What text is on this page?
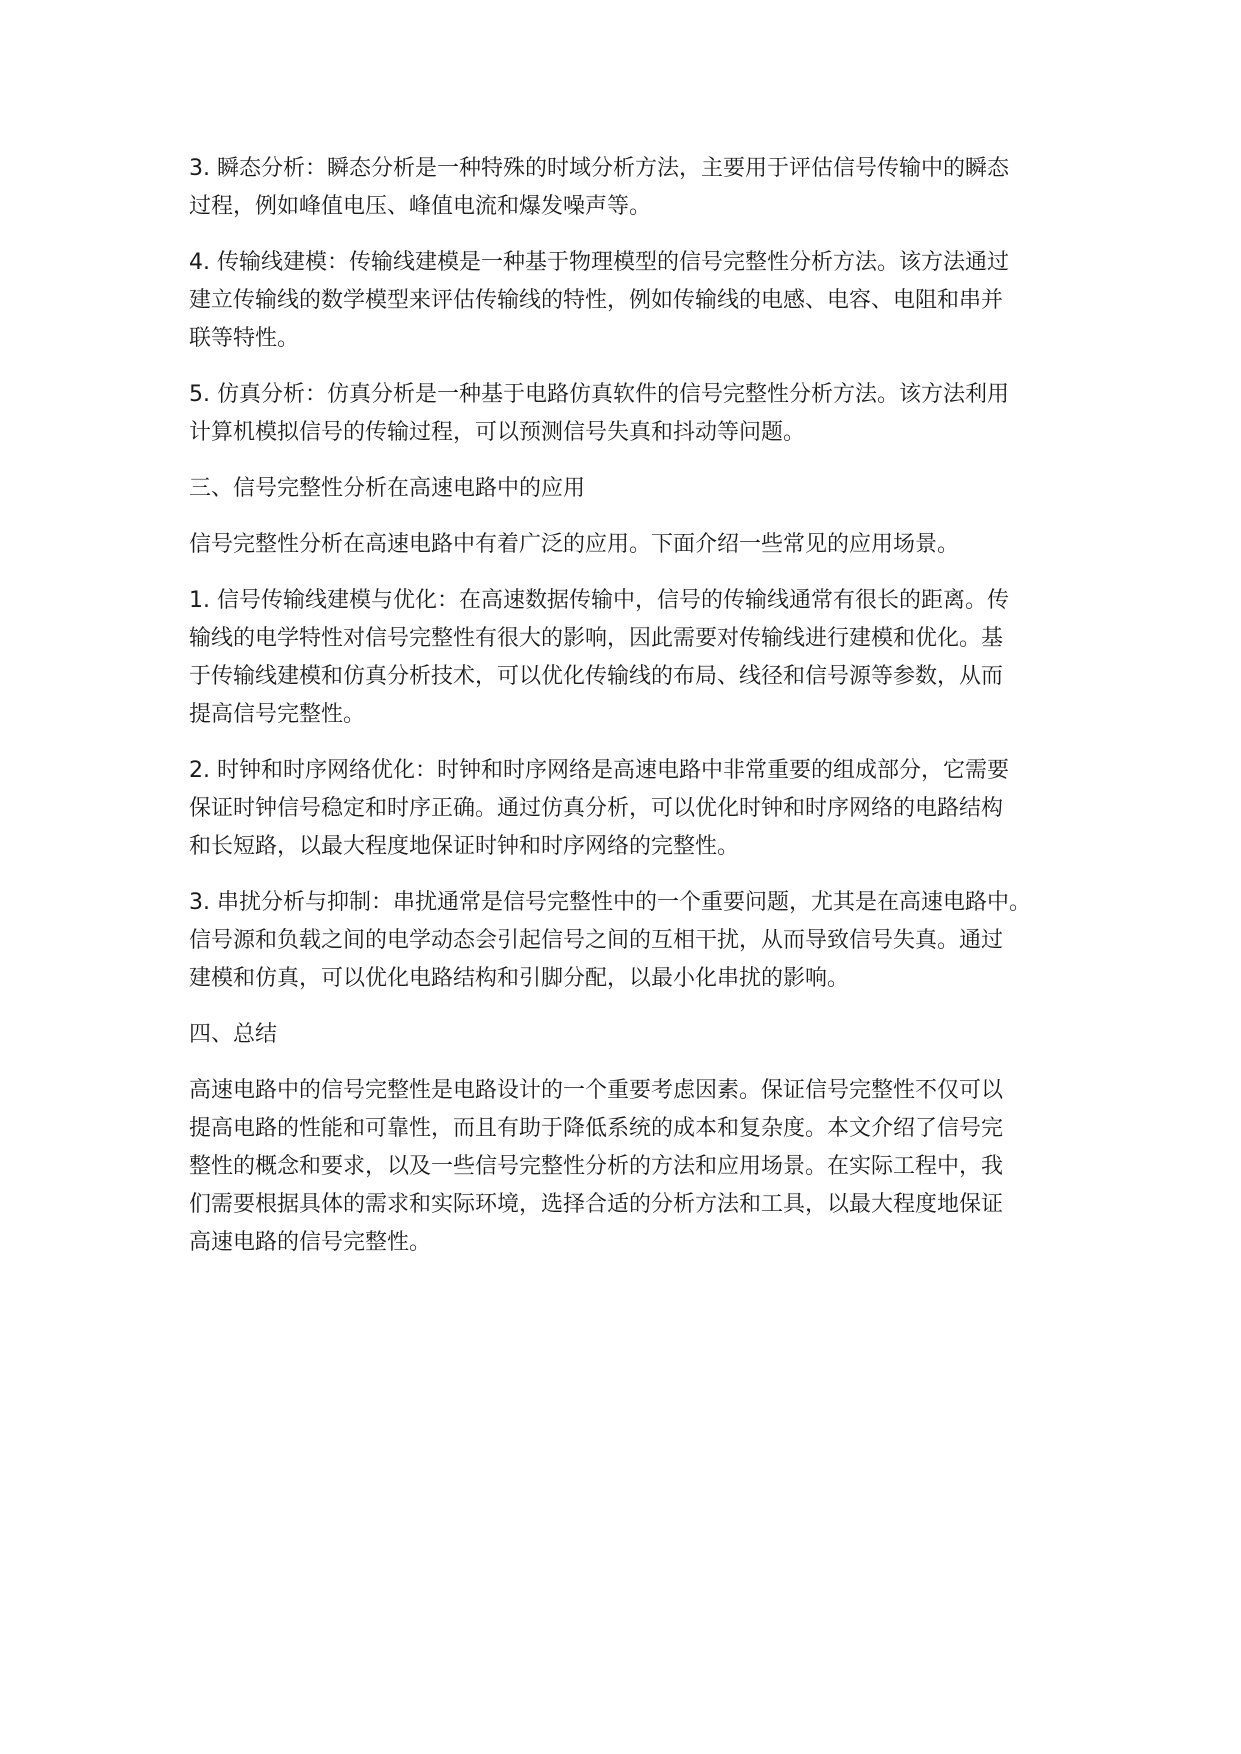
3. 瞬态分析：瞬态分析是一种特殊的时域分析方法，主要用于评估信号传输中的瞬态
过程，例如峰值电压、峰值电流和爆发噪声等。

4. 传输线建模：传输线建模是一种基于物理模型的信号完整性分析方法。该方法通过
建立传输线的数学模型来评估传输线的特性，例如传输线的电感、电容、电阻和串并
联等特性。

5. 仿真分析：仿真分析是一种基于电路仿真软件的信号完整性分析方法。该方法利用
计算机模拟信号的传输过程，可以预测信号失真和抖动等问题。

三、信号完整性分析在高速电路中的应用

信号完整性分析在高速电路中有着广泛的应用。下面介绍一些常见的应用场景。

1. 信号传输线建模与优化：在高速数据传输中，信号的传输线通常有很长的距离。传
输线的电学特性对信号完整性有很大的影响，因此需要对传输线进行建模和优化。基
于传输线建模和仿真分析技术，可以优化传输线的布局、线径和信号源等参数，从而
提高信号完整性。

2. 时钟和时序网络优化：时钟和时序网络是高速电路中非常重要的组成部分，它需要
保证时钟信号稳定和时序正确。通过仿真分析，可以优化时钟和时序网络的电路结构
和长短路，以最大程度地保证时钟和时序网络的完整性。

3. 串扰分析与抑制：串扰通常是信号完整性中的一个重要问题，尤其是在高速电路中。
信号源和负载之间的电学动态会引起信号之间的互相干扰，从而导致信号失真。通过
建模和仿真，可以优化电路结构和引脚分配，以最小化串扰的影响。

四、总结

高速电路中的信号完整性是电路设计的一个重要考虑因素。保证信号完整性不仅可以
提高电路的性能和可靠性，而且有助于降低系统的成本和复杂度。本文介绍了信号完
整性的概念和要求，以及一些信号完整性分析的方法和应用场景。在实际工程中，我
们需要根据具体的需求和实际环境，选择合适的分析方法和工具，以最大程度地保证
高速电路的信号完整性。
